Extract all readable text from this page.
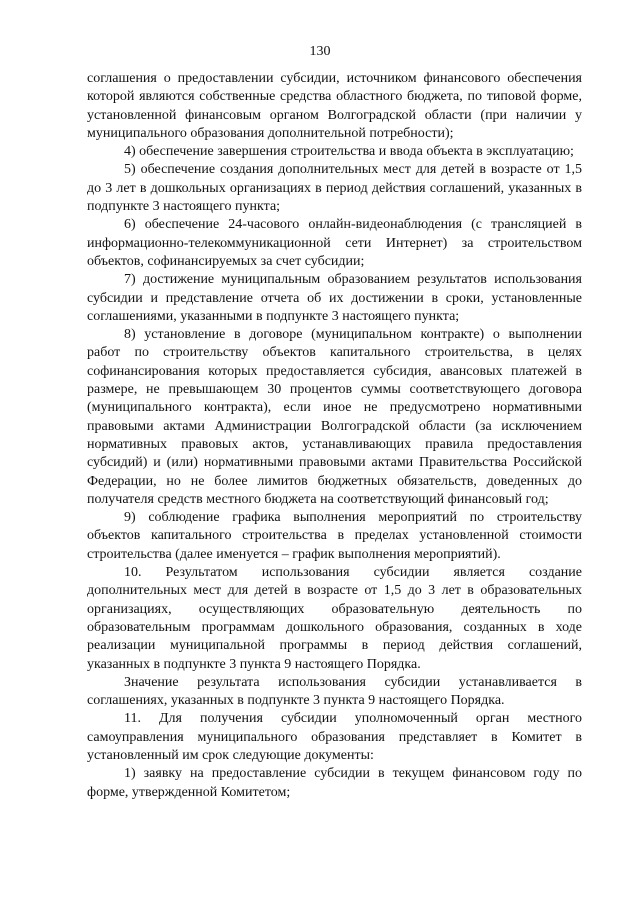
130

соглашения о предоставлении субсидии, источником финансового обеспечения которой являются собственные средства областного бюджета, по типовой форме, установленной финансовым органом Волгоградской области (при наличии у муниципального образования дополнительной потребности);

4) обеспечение завершения строительства и ввода объекта в эксплуатацию;

5) обеспечение создания дополнительных мест для детей в возрасте от 1,5 до 3 лет в дошкольных организациях в период действия соглашений, указанных в подпункте 3 настоящего пункта;

6) обеспечение 24-часового онлайн-видеонаблюдения (с трансляцией в информационно-телекоммуникационной сети Интернет) за строительством объектов, софинансируемых за счет субсидии;

7) достижение муниципальным образованием результатов использования субсидии и представление отчета об их достижении в сроки, установленные соглашениями, указанными в подпункте 3 настоящего пункта;

8) установление в договоре (муниципальном контракте) о выполнении работ по строительству объектов капитального строительства, в целях софинансирования которых предоставляется субсидия, авансовых платежей в размере, не превышающем 30 процентов суммы соответствующего договора (муниципального контракта), если иное не предусмотрено нормативными правовыми актами Администрации Волгоградской области (за исключением нормативных правовых актов, устанавливающих правила предоставления субсидий) и (или) нормативными правовыми актами Правительства Российской Федерации, но не более лимитов бюджетных обязательств, доведенных до получателя средств местного бюджета на соответствующий финансовый год;

9) соблюдение графика выполнения мероприятий по строительству объектов капитального строительства в пределах установленной стоимости строительства (далее именуется – график выполнения мероприятий).

10. Результатом использования субсидии является создание дополнительных мест для детей в возрасте от 1,5 до 3 лет в образовательных организациях, осуществляющих образовательную деятельность по образовательным программам дошкольного образования, созданных в ходе реализации муниципальной программы в период действия соглашений, указанных в подпункте 3 пункта 9 настоящего Порядка.

Значение результата использования субсидии устанавливается в соглашениях, указанных в подпункте 3 пункта 9 настоящего Порядка.

11. Для получения субсидии уполномоченный орган местного самоуправления муниципального образования представляет в Комитет в установленный им срок следующие документы:

1) заявку на предоставление субсидии в текущем финансовом году по форме, утвержденной Комитетом;
